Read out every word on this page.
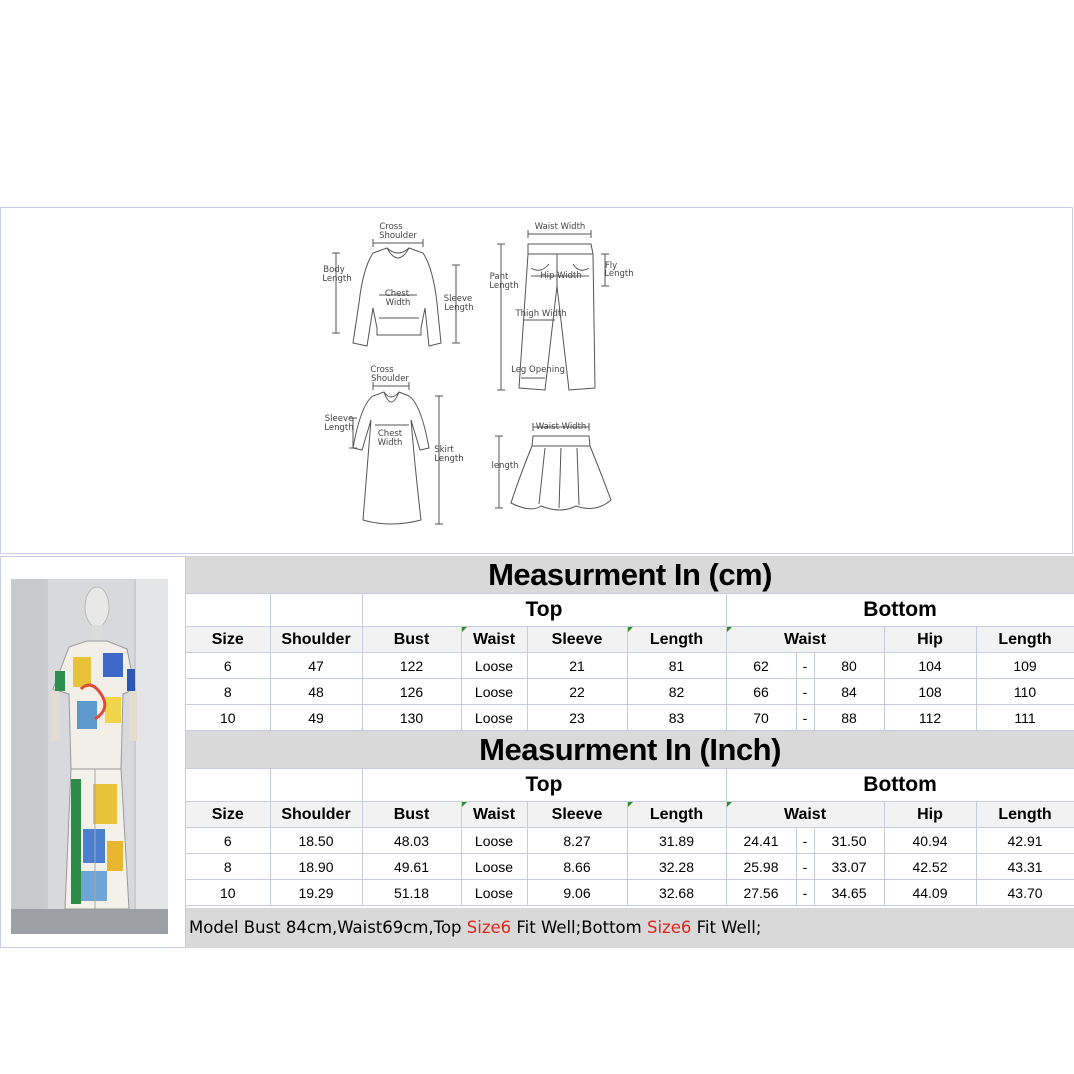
Cross
Shoulder
Body
Length
Chest
Width	Sleeve
Length
Waist Width
Pant
Length
Hip Width
Fly
Length
Thigh Width
Leg Opening
Cross
Shoulder
Sleeve
Length
Chest
Width
Skirt
Length
Waist Width
length
Measurment In (cm)										
		Top				Bottom				
Size	Shoulder	Bust	Waist	Sleeve	Length	Waist			Hip	Length
6	47	122	Loose	21	81	62	-	80	104	109
8	48	126	Loose	22	82	66	-	84	108	110
10	49	130	Loose	23	83	70	-	88	112	111
Measurment In (Inch)										
		Top				Bottom				
Size	Shoulder	Bust	Waist	Sleeve	Length	Waist			Hip	Length
6	18.50	48.03	Loose	8.27	31.89	24.41	-	31.50	40.94	42.91
8	18.90	49.61	Loose	8.66	32.28	25.98	-	33.07	42.52	43.31
10	19.29	51.18	Loose	9.06	32.68	27.56	-	34.65	44.09	43.70
Model Bust 84cm,Waist69cm,Top Size6 Fit Well;Bottom Size6 Fit Well;
